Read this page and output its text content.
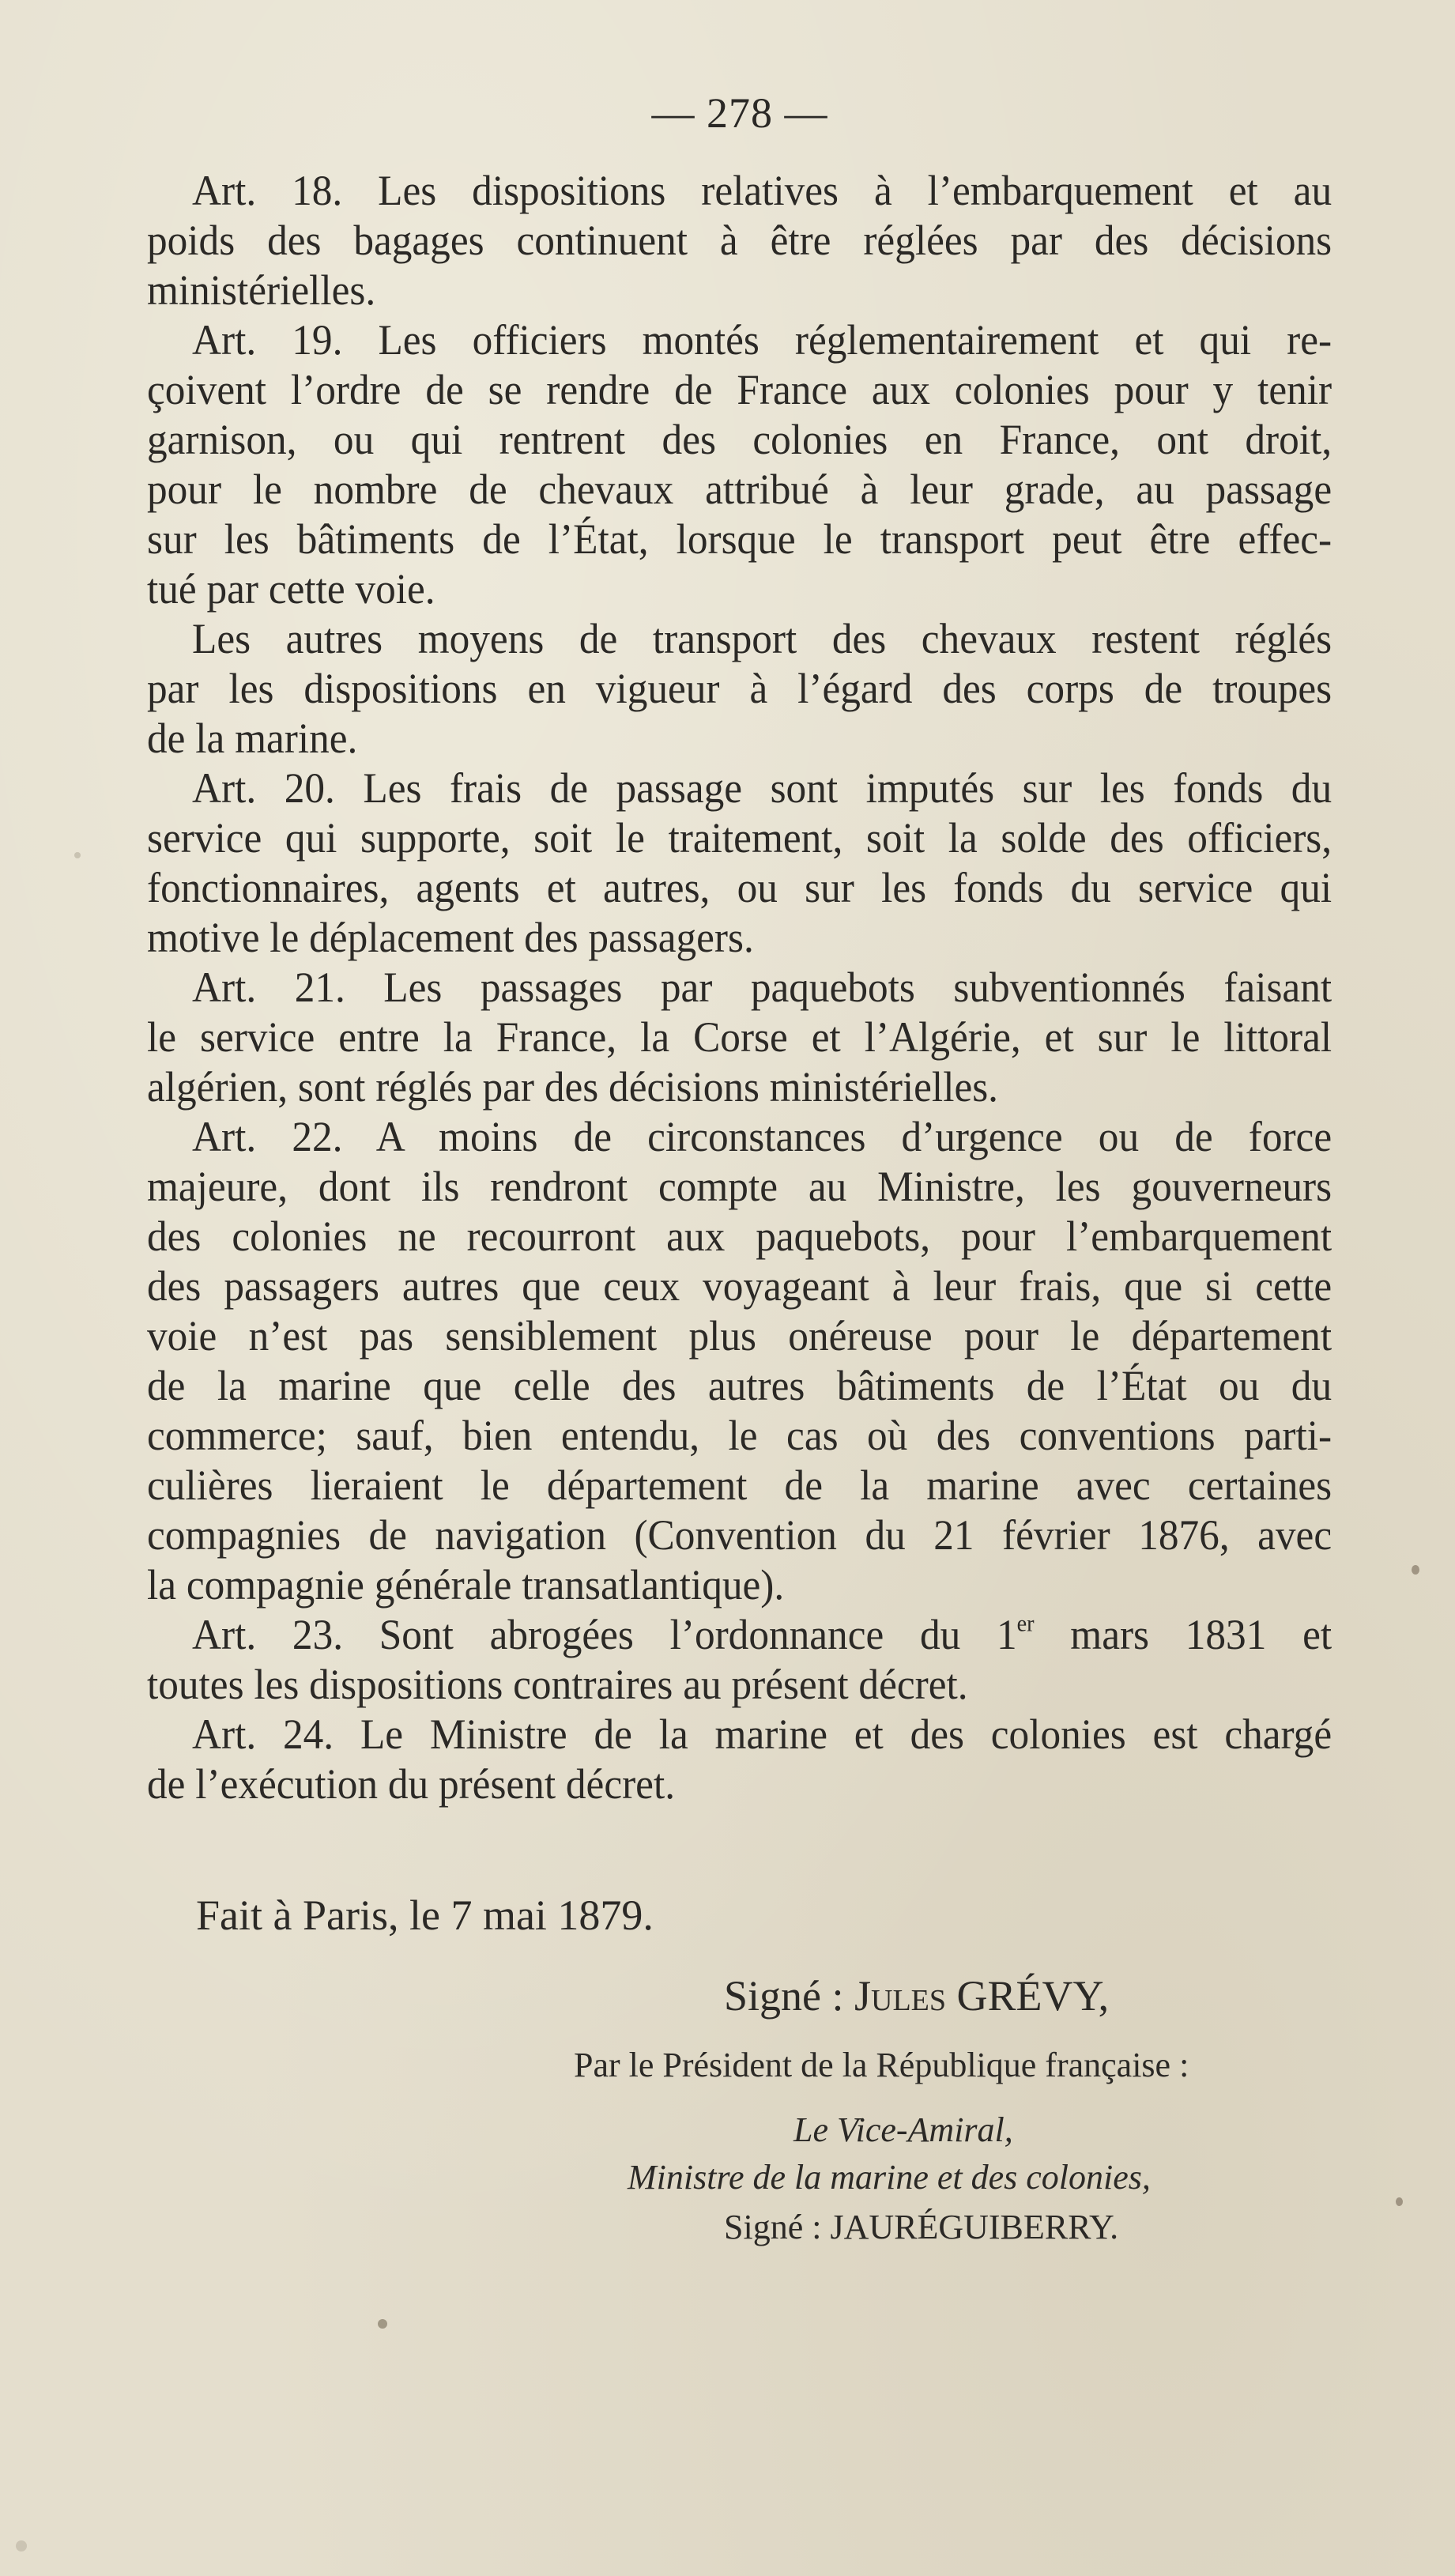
— 278 —
Art. 18. Les dispositions relatives à l’embarquement et au
poids des bagages continuent à être réglées par des décisions
ministérielles.
Art. 19. Les officiers montés réglementairement et qui re-
çoivent l’ordre de se rendre de France aux colonies pour y tenir
garnison, ou qui rentrent des colonies en France, ont droit,
pour le nombre de chevaux attribué à leur grade, au passage
sur les bâtiments de l’État, lorsque le transport peut être effec-
tué par cette voie.
Les autres moyens de transport des chevaux restent réglés
par les dispositions en vigueur à l’égard des corps de troupes
de la marine.
Art. 20. Les frais de passage sont imputés sur les fonds du
service qui supporte, soit le traitement, soit la solde des officiers,
fonctionnaires, agents et autres, ou sur les fonds du service qui
motive le déplacement des passagers.
Art. 21. Les passages par paquebots subventionnés faisant
le service entre la France, la Corse et l’Algérie, et sur le littoral
algérien, sont réglés par des décisions ministérielles.
Art. 22. A moins de circonstances d’urgence ou de force
majeure, dont ils rendront compte au Ministre, les gouverneurs
des colonies ne recourront aux paquebots, pour l’embarquement
des passagers autres que ceux voyageant à leur frais, que si cette
voie n’est pas sensiblement plus onéreuse pour le département
de la marine que celle des autres bâtiments de l’État ou du
commerce; sauf, bien entendu, le cas où des conventions parti-
culières lieraient le département de la marine avec certaines
compagnies de navigation (Convention du 21 février 1876, avec
la compagnie générale transatlantique).
Art. 23. Sont abrogées l’ordonnance du 1er mars 1831 et
toutes les dispositions contraires au présent décret.
Art. 24. Le Ministre de la marine et des colonies est chargé
de l’exécution du présent décret.
Fait à Paris, le 7 mai 1879.
Signé : Jules GRÉVY,
Par le Président de la République française :
Le Vice-Amiral,
Ministre de la marine et des colonies,
Signé : JAURÉGUIBERRY.
